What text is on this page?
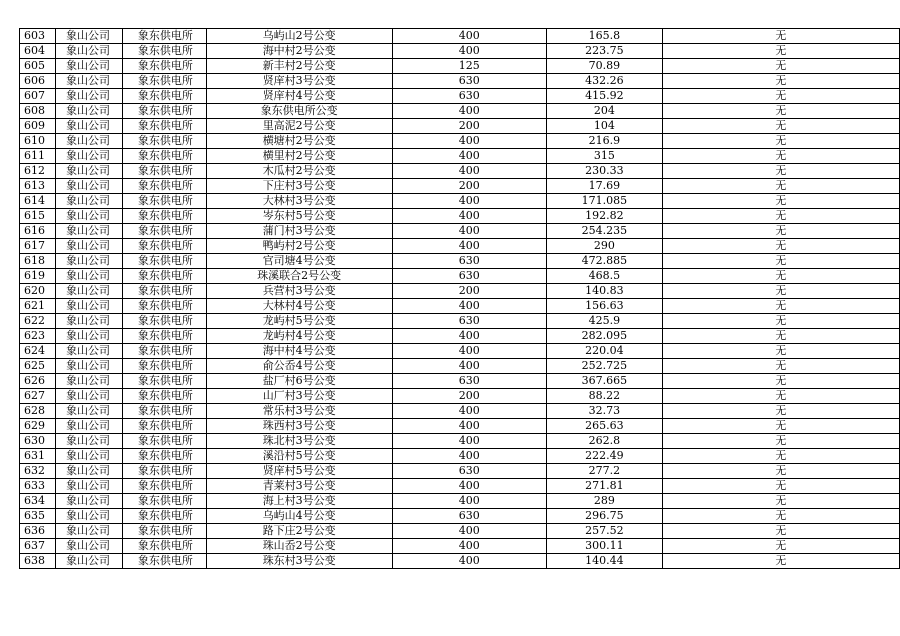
603	象山公司	象东供电所	乌屿山2号公变	400	165.8	无
604	象山公司	象东供电所	海中村2号公变	400	223.75	无
605	象山公司	象东供电所	新丰村2号公变	125	70.89	无
606	象山公司	象东供电所	贤庠村3号公变	630	432.26	无
607	象山公司	象东供电所	贤庠村4号公变	630	415.92	无
608	象山公司	象东供电所	象东供电所公变	400	204	无
609	象山公司	象东供电所	里高泥2号公变	200	104	无
610	象山公司	象东供电所	横塘村2号公变	400	216.9	无
611	象山公司	象东供电所	横里村2号公变	400	315	无
612	象山公司	象东供电所	木瓜村2号公变	400	230.33	无
613	象山公司	象东供电所	下庄村3号公变	200	17.69	无
614	象山公司	象东供电所	大林村3号公变	400	171.085	无
615	象山公司	象东供电所	岑东村5号公变	400	192.82	无
616	象山公司	象东供电所	蒲门村3号公变	400	254.235	无
617	象山公司	象东供电所	鸭屿村2号公变	400	290	无
618	象山公司	象东供电所	官司塘4号公变	630	472.885	无
619	象山公司	象东供电所	珠溪联合2号公变	630	468.5	无
620	象山公司	象东供电所	兵营村3号公变	200	140.83	无
621	象山公司	象东供电所	大林村4号公变	400	156.63	无
622	象山公司	象东供电所	龙屿村5号公变	630	425.9	无
623	象山公司	象东供电所	龙屿村4号公变	400	282.095	无
624	象山公司	象东供电所	海中村4号公变	400	220.04	无
625	象山公司	象东供电所	俞公岙4号公变	400	252.725	无
626	象山公司	象东供电所	盐厂村6号公变	630	367.665	无
627	象山公司	象东供电所	山厂村3号公变	200	88.22	无
628	象山公司	象东供电所	常乐村3号公变	400	32.73	无
629	象山公司	象东供电所	珠西村3号公变	400	265.63	无
630	象山公司	象东供电所	珠北村3号公变	400	262.8	无
631	象山公司	象东供电所	溪沿村5号公变	400	222.49	无
632	象山公司	象东供电所	贤庠村5号公变	630	277.2	无
633	象山公司	象东供电所	青莱村3号公变	400	271.81	无
634	象山公司	象东供电所	海上村3号公变	400	289	无
635	象山公司	象东供电所	乌屿山4号公变	630	296.75	无
636	象山公司	象东供电所	路下庄2号公变	400	257.52	无
637	象山公司	象东供电所	珠山岙2号公变	400	300.11	无
638	象山公司	象东供电所	珠东村3号公变	400	140.44	无
